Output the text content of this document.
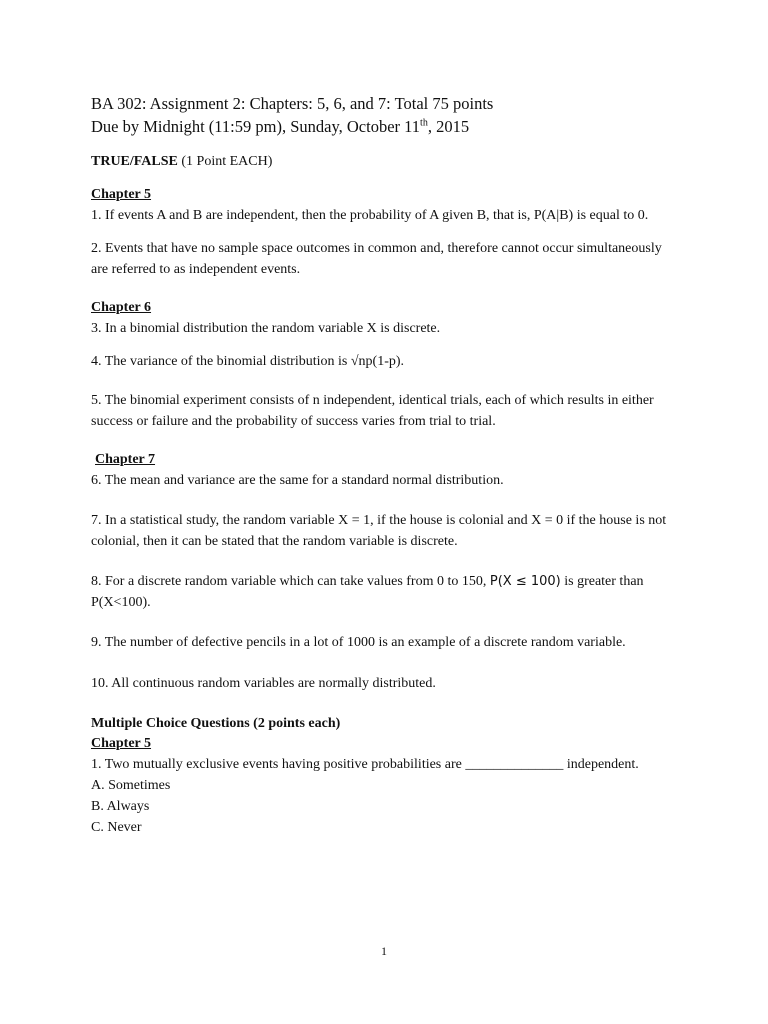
BA 302: Assignment 2: Chapters: 5, 6, and 7: Total 75 points

Due by Midnight (11:59 pm), Sunday, October 11th, 2015

TRUE/FALSE (1 Point EACH)

Chapter 5

1. If events A and B are independent, then the probability of A given B, that is, P(A|B) is equal to 0.

2. Events that have no sample space outcomes in common and, therefore cannot occur simultaneously are referred to as independent events.

Chapter 6

3. In a binomial distribution the random variable X is discrete.

4. The variance of the binomial distribution is √np(1-p).

5. The binomial experiment consists of n independent, identical trials, each of which results in either success or failure and the probability of success varies from trial to trial.

Chapter 7

6. The mean and variance are the same for a standard normal distribution.

7. In a statistical study, the random variable X = 1, if the house is colonial and X = 0 if the house is not colonial, then it can be stated that the random variable is discrete.

8. For a discrete random variable which can take values from 0 to 150, P(X ≤ 100) is greater than P(X<100).

9. The number of defective pencils in a lot of 1000 is an example of a discrete random variable.

10. All continuous random variables are normally distributed.

Multiple Choice Questions (2 points each)

Chapter 5

1. Two mutually exclusive events having positive probabilities are ______________ independent.

A. Sometimes

B. Always

C. Never

1
